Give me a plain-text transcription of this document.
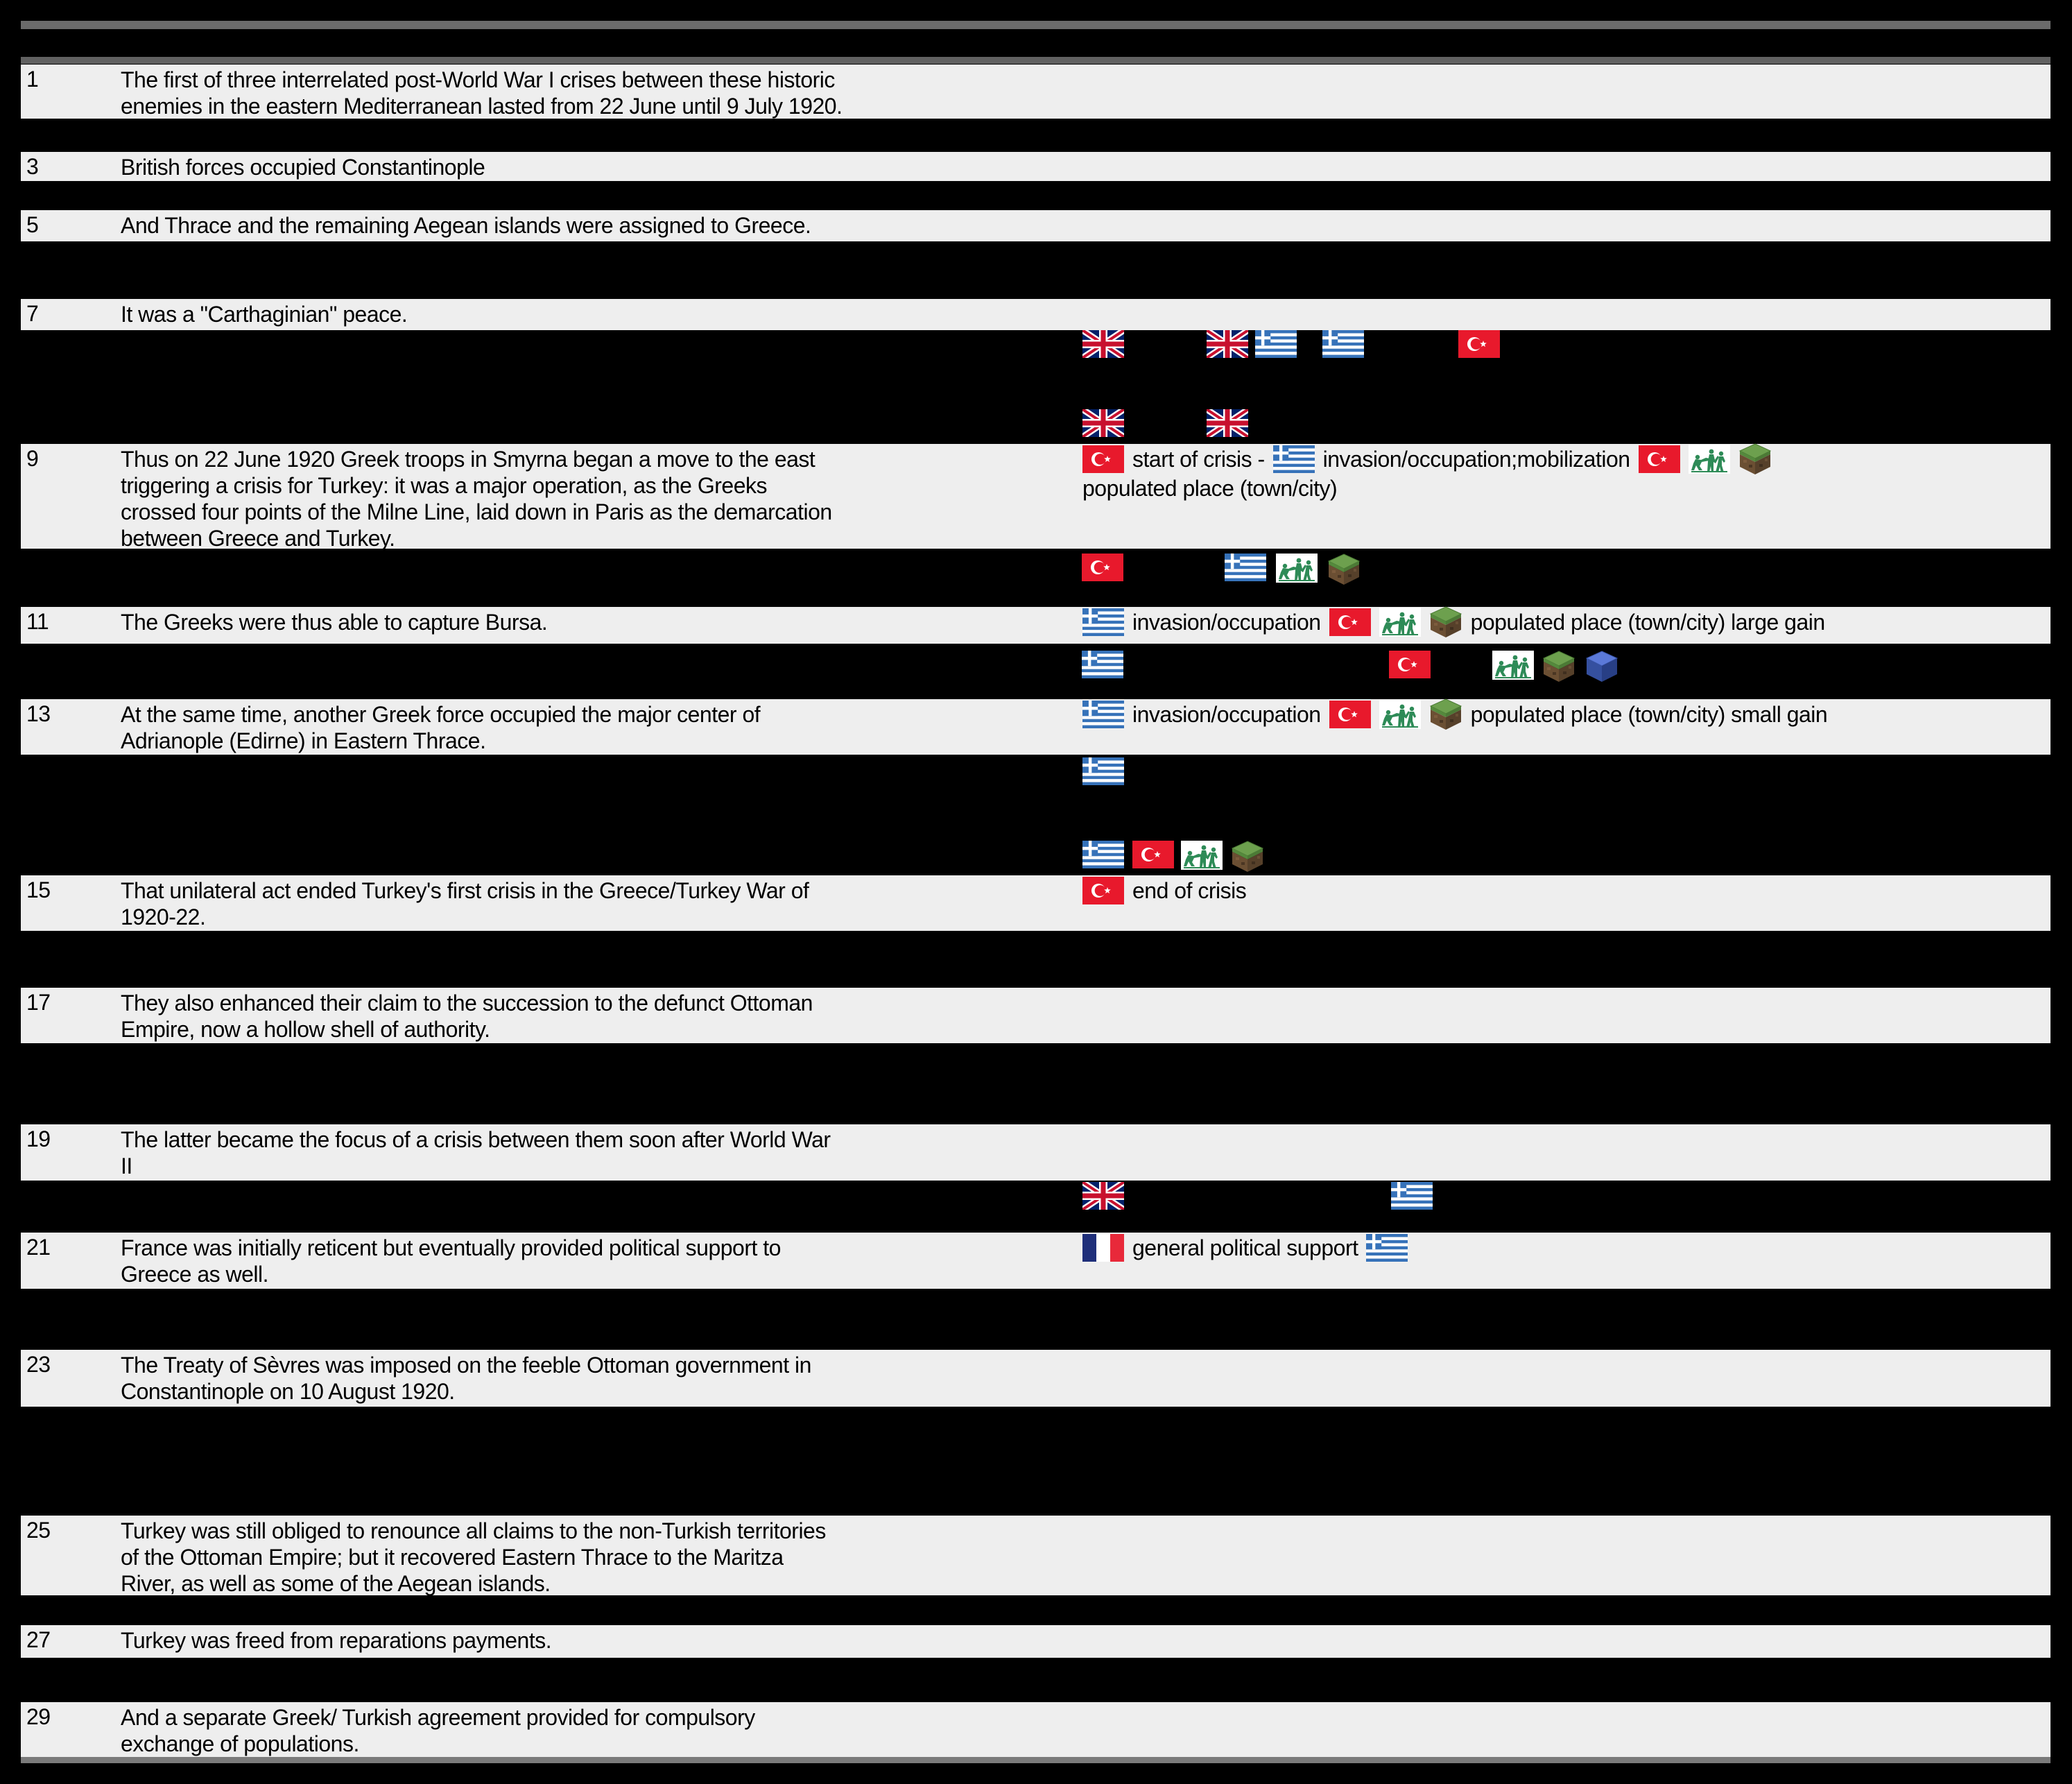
1	The first of three interrelated post-World War I crises between these historic
enemies in the eastern Mediterranean lasted from 22 June until 9 July 1920.
3	British forces occupied Constantinople
5	And Thrace and the remaining Aegean islands were assigned to Greece.
7	It was a "Carthaginian" peace.
9	Thus on 22 June 1920 Greek troops in Smyrna began a move to the east
triggering a crisis for Turkey: it was a major operation, as the Greeks
crossed four points of the Milne Line, laid down in Paris as the demarcation
between Greece and Turkey.
start of crisis -	invasion/occupation;mobilization
populated place (town/city)
11	The Greeks were thus able to capture Bursa.	invasion/occupation	populated place (town/city) large gain
13	At the same time, another Greek force occupied the major center of
Adrianople (Edirne) in Eastern Thrace.
invasion/occupation	populated place (town/city) small gain
15	That unilateral act ended Turkey's first crisis in the Greece/Turkey War of
1920-22.
end of crisis
17	They also enhanced their claim to the succession to the defunct Ottoman
Empire, now a hollow shell of authority.
19	The latter became the focus of a crisis between them soon after World War
II
21	France was initially reticent but eventually provided political support to
Greece as well.
general political support
23	The Treaty of Sèvres was imposed on the feeble Ottoman government in
Constantinople on 10 August 1920.
25	Turkey was still obliged to renounce all claims to the non-Turkish territories
of the Ottoman Empire; but it recovered Eastern Thrace to the Maritza
River, as well as some of the Aegean islands.
27	Turkey was freed from reparations payments.
29	And a separate Greek/ Turkish agreement provided for compulsory
exchange of populations.
